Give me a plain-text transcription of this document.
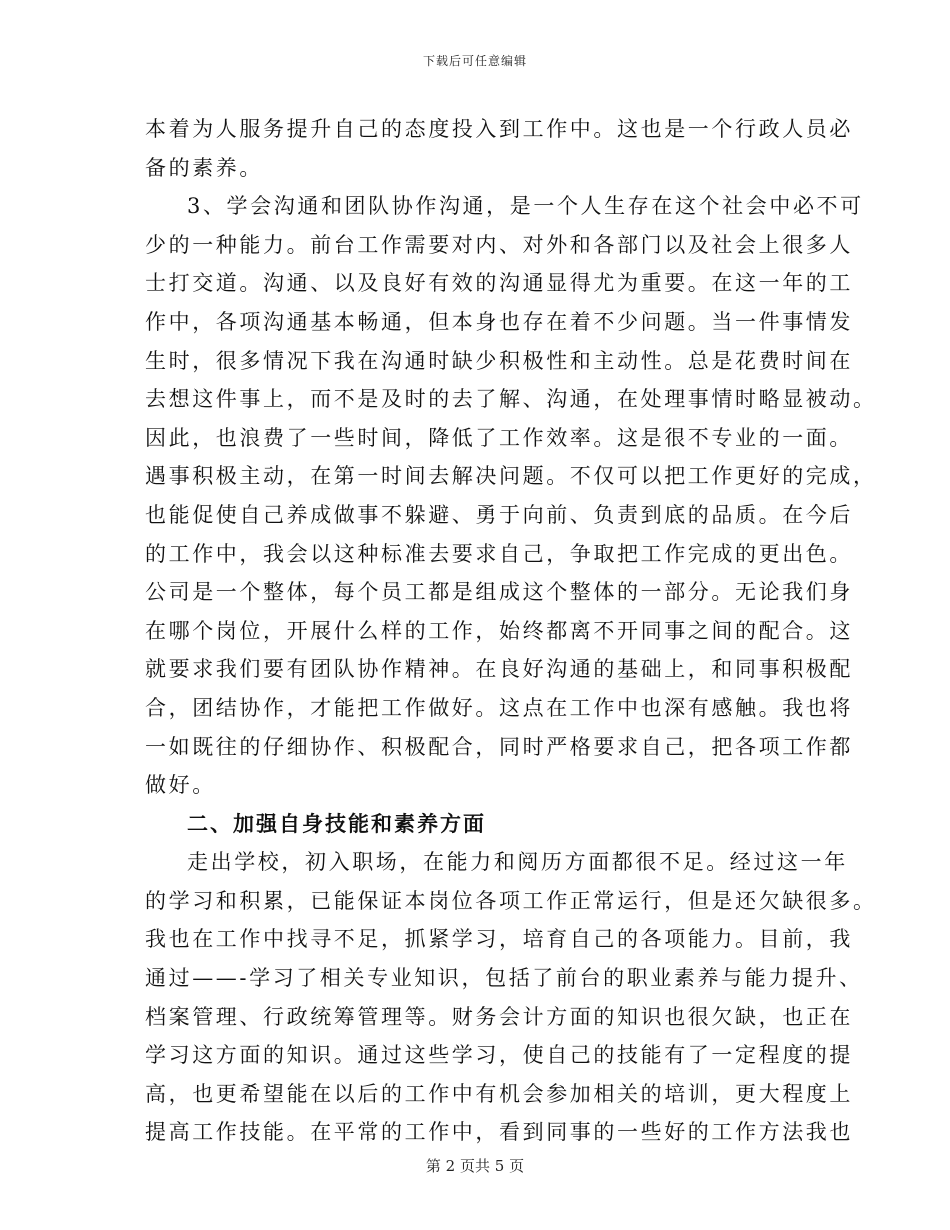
下载后可任意编辑
本着为人服务提升自己的态度投入到工作中。这也是一个行政人员必
备的素养。
3、学会沟通和团队协作沟通，是一个人生存在这个社会中必不可
少的一种能力。前台工作需要对内、对外和各部门以及社会上很多人
士打交道。沟通、以及良好有效的沟通显得尤为重要。在这一年的工
作中，各项沟通基本畅通，但本身也存在着不少问题。当一件事情发
生时，很多情况下我在沟通时缺少积极性和主动性。总是花费时间在
去想这件事上，而不是及时的去了解、沟通，在处理事情时略显被动。
因此，也浪费了一些时间，降低了工作效率。这是很不专业的一面。
遇事积极主动，在第一时间去解决问题。不仅可以把工作更好的完成，
也能促使自己养成做事不躲避、勇于向前、负责到底的品质。在今后
的工作中，我会以这种标准去要求自己，争取把工作完成的更出色。
公司是一个整体，每个员工都是组成这个整体的一部分。无论我们身
在哪个岗位，开展什么样的工作，始终都离不开同事之间的配合。这
就要求我们要有团队协作精神。在良好沟通的基础上，和同事积极配
合，团结协作，才能把工作做好。这点在工作中也深有感触。我也将
一如既往的仔细协作、积极配合，同时严格要求自己，把各项工作都
做好。
二、加强自身技能和素养方面
走出学校，初入职场，在能力和阅历方面都很不足。经过这一年
的学习和积累，已能保证本岗位各项工作正常运行，但是还欠缺很多。
我也在工作中找寻不足，抓紧学习，培育自己的各项能力。目前，我
通过——-学习了相关专业知识，包括了前台的职业素养与能力提升、
档案管理、行政统筹管理等。财务会计方面的知识也很欠缺，也正在
学习这方面的知识。通过这些学习，使自己的技能有了一定程度的提
高，也更希望能在以后的工作中有机会参加相关的培训，更大程度上
提高工作技能。在平常的工作中，看到同事的一些好的工作方法我也
第 2 页共 5 页
